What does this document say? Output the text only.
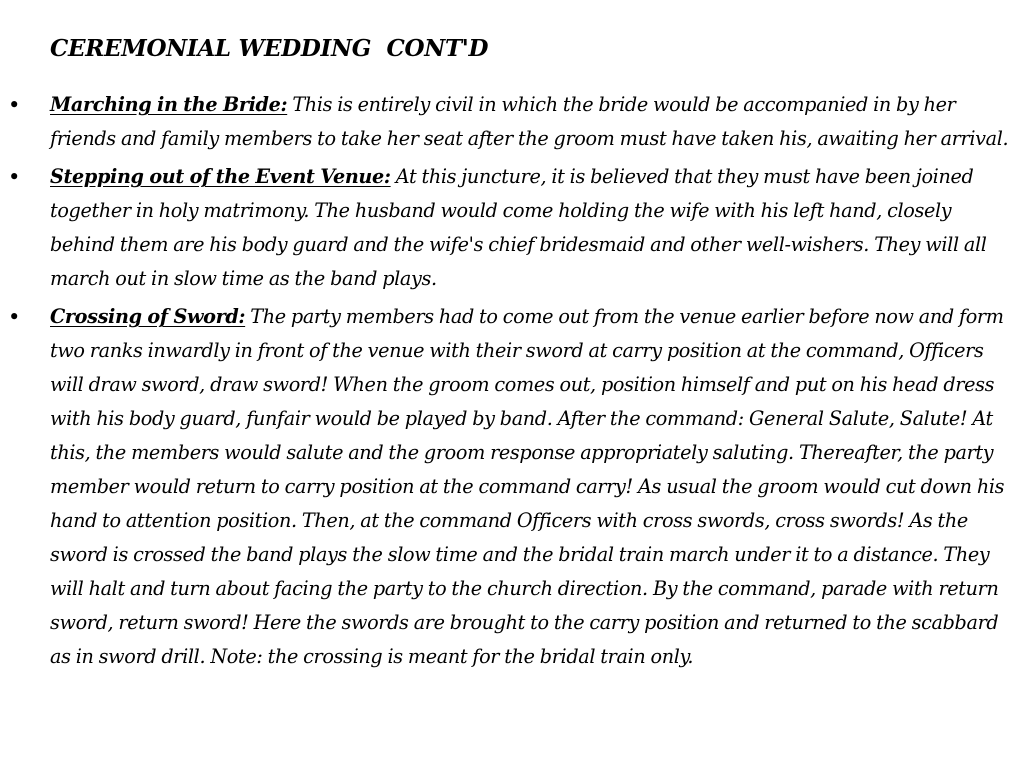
CEREMONIAL WEDDING  CONT'D
• Marching in the Bride: This is entirely civil in which the bride would be accompanied in by her friends and family members to take her seat after the groom must have taken his, awaiting her arrival.
• Stepping out of the Event Venue: At this juncture, it is believed that they must have been joined together in holy matrimony. The husband would come holding the wife with his left hand, closely behind them are his body guard and the wife's chief bridesmaid and other well-wishers. They will all march out in slow time as the band plays.
• Crossing of Sword: The party members had to come out from the venue earlier before now and form two ranks inwardly in front of the venue with their sword at carry position at the command, Officers will draw sword, draw sword! When the groom comes out, position himself and put on his head dress with his body guard, funfair would be played by band. After the command: General Salute, Salute! At this, the members would salute and the groom response appropriately saluting. Thereafter, the party member would return to carry position at the command carry! As usual the groom would cut down his hand to attention position. Then, at the command Officers with cross swords, cross swords! As the sword is crossed the band plays the slow time and the bridal train march under it to a distance. They will halt and turn about facing the party to the church direction. By the command, parade with return sword, return sword! Here the swords are brought to the carry position and returned to the scabbard as in sword drill. Note: the crossing is meant for the bridal train only.
